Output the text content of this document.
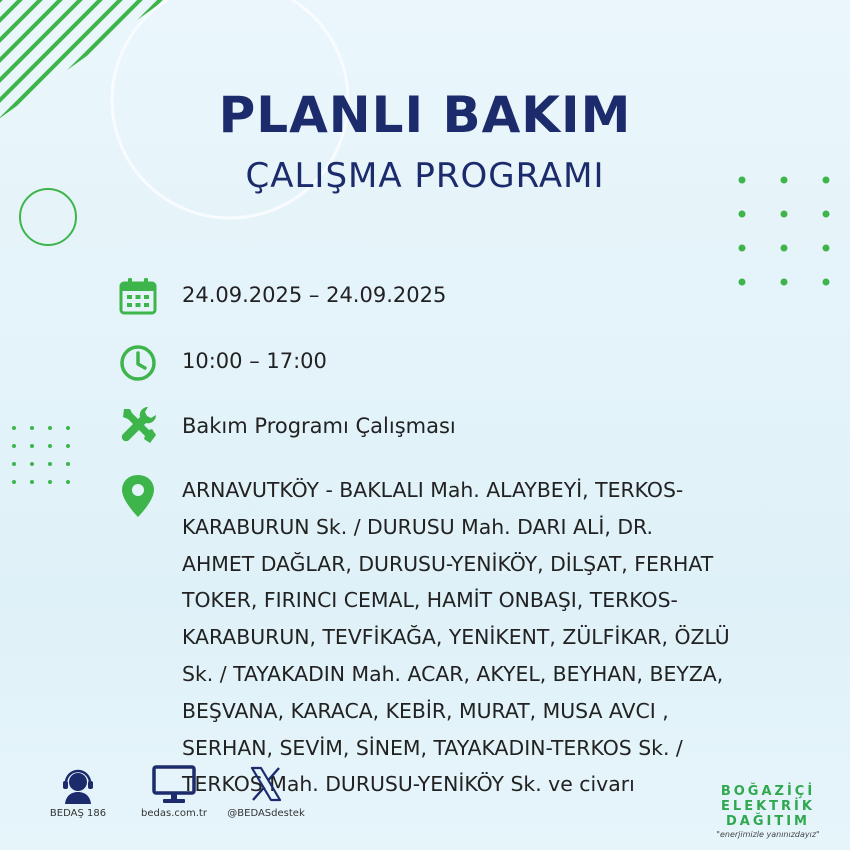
PLANLI BAKIM
ÇALIŞMA PROGRAMI
24.09.2025 – 24.09.2025
10:00 – 17:00
Bakım Programı Çalışması
ARNAVUTKÖY - BAKLALI Mah. ALAYBEYİ, TERKOS-
KARABURUN Sk. / DURUSU Mah. DARI ALİ, DR.
AHMET DAĞLAR, DURUSU-YENİKÖY, DİLŞAT, FERHAT
TOKER, FIRINCI CEMAL, HAMİT ONBAŞI, TERKOS-
KARABURUN, TEVFİKAĞA, YENİKENT, ZÜLFİKAR, ÖZLÜ
Sk. / TAYAKADIN Mah. ACAR, AKYEL, BEYHAN, BEYZA,
BEŞVANA, KARACA, KEBİR, MURAT, MUSA AVCI ,
SERHAN, SEVİM, SİNEM, TAYAKADIN-TERKOS Sk. /
TERKOS Mah. DURUSU-YENİKÖY Sk. ve civarı
BEDAŞ 186	bedas.com.tr	@BEDASdestek
BOĞAZİÇİ
ELEKTRİK
DAĞITIM
"enerjimizle yanınızdayız"
